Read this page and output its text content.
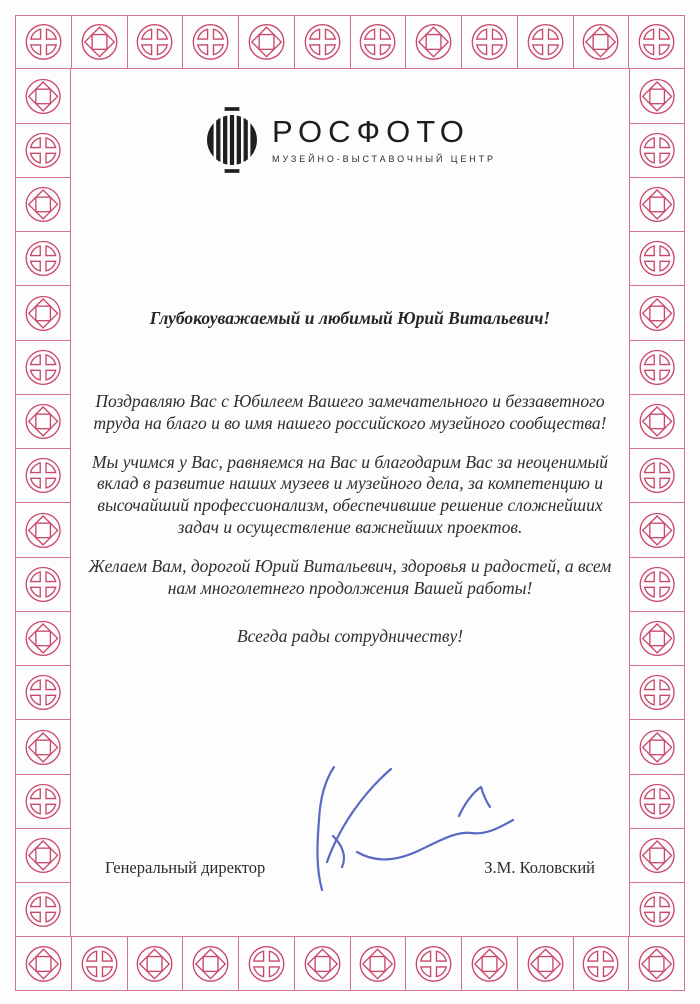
РОСФОТО
МУЗЕЙНО-ВЫСТАВОЧНЫЙ ЦЕНТР
Глубокоуважаемый и любимый Юрий Витальевич!

Поздравляю Вас с Юбилеем Вашего замечательного и беззаветного труда на благо и во имя нашего российского музейного сообщества!

Мы учимся у Вас, равняемся на Вас и благодарим Вас за неоценимый вклад в развитие наших музеев и музейного дела, за компетенцию и высочайший профессионализм, обеспечившие решение сложнейших задач и осуществление важнейших проектов.

Желаем Вам, дорогой Юрий Витальевич, здоровья и радостей, а всем нам многолетнего продолжения Вашей работы!

Всегда рады сотрудничеству!

Генеральный директор	З.М. Коловский
